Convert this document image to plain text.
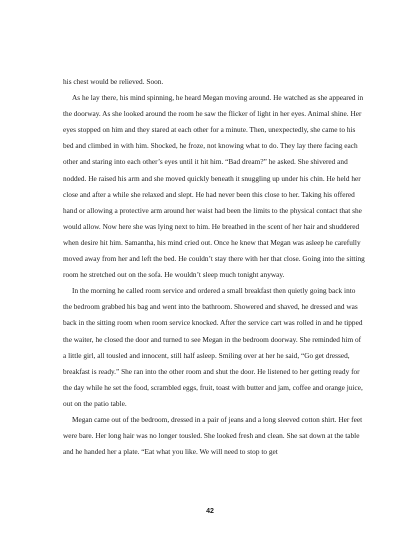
his chest would be relieved. Soon.

As he lay there, his mind spinning, he heard Megan moving around. He watched as she appeared in the doorway. As she looked around the room he saw the flicker of light in her eyes. Animal shine. Her eyes stopped on him and they stared at each other for a minute. Then, unexpectedly, she came to his bed and climbed in with him. Shocked, he froze, not knowing what to do. They lay there facing each other and staring into each other’s eyes until it hit him. “Bad dream?” he asked. She shivered and nodded. He raised his arm and she moved quickly beneath it snuggling up under his chin. He held her close and after a while she relaxed and slept. He had never been this close to her. Taking his offered hand or allowing a protective arm around her waist had been the limits to the physical contact that she would allow. Now here she was lying next to him. He breathed in the scent of her hair and shuddered when desire hit him. Samantha, his mind cried out. Once he knew that Megan was asleep he carefully moved away from her and left the bed. He couldn’t stay there with her that close. Going into the sitting room he stretched out on the sofa. He wouldn’t sleep much tonight anyway.

In the morning he called room service and ordered a small breakfast then quietly going back into the bedroom grabbed his bag and went into the bathroom. Showered and shaved, he dressed and was back in the sitting room when room service knocked. After the service cart was rolled in and he tipped the waiter, he closed the door and turned to see Megan in the bedroom doorway. She reminded him of a little girl, all tousled and innocent, still half asleep. Smiling over at her he said, “Go get dressed, breakfast is ready.” She ran into the other room and shut the door. He listened to her getting ready for the day while he set the food, scrambled eggs, fruit, toast with butter and jam, coffee and orange juice, out on the patio table.

Megan came out of the bedroom, dressed in a pair of jeans and a long sleeved cotton shirt. Her feet were bare. Her long hair was no longer tousled. She looked fresh and clean. She sat down at the table and he handed her a plate. “Eat what you like. We will need to stop to get

42
